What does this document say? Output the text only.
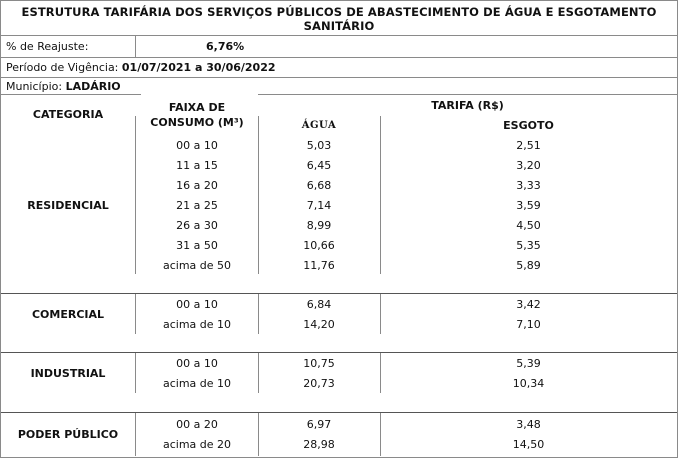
ESTRUTURA TARIFÁRIA DOS SERVIÇOS PÚBLICOS DE ABASTECIMENTO DE ÁGUA E ESGOTAMENTO
SANITÁRIO
% de Reajuste:	6,76%
Período de Vigência: 01/07/2021 a 30/06/2022
Município: LADÁRIO
CATEGORIA
FAIXA DE
CONSUMO (M³)
TARIFA (R$)
ÁGUA	ESGOTO
RESIDENCIAL
00 a 10	5,03	2,51
11 a 15	6,45	3,20
16 a 20	6,68	3,33
21 a 25	7,14	3,59
26 a 30	8,99	4,50
31 a 50	10,66	5,35
acima de 50	11,76	5,89
COMERCIAL
00 a 10	6,84	3,42
acima de 10	14,20	7,10
INDUSTRIAL
00 a 10	10,75	5,39
acima de 10	20,73	10,34
PODER PÚBLICO
00 a 20	6,97	3,48
acima de 20	28,98	14,50
